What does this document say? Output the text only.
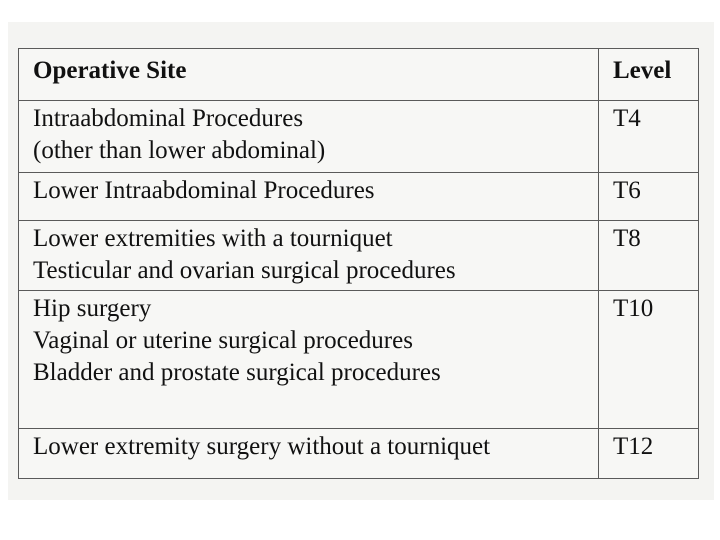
Operative Site	Level

Intraabdominal Procedures
(other than lower abdominal)	T4

Lower Intraabdominal Procedures	T6

Lower extremities with a tourniquet
Testicular and ovarian surgical procedures	T8

Hip surgery
Vaginal or uterine surgical procedures
Bladder and prostate surgical procedures	T10

Lower extremity surgery without a tourniquet	T12
